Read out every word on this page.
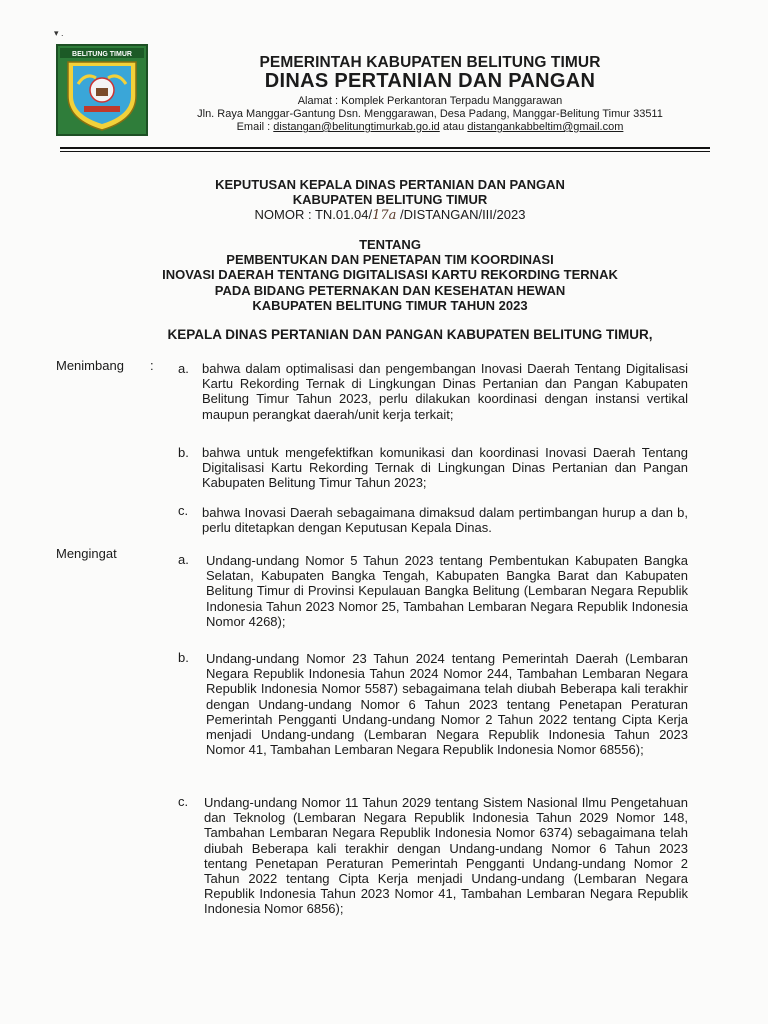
BELITUNG TIMUR
▾ .
PEMERINTAH KABUPATEN BELITUNG TIMUR
DINAS PERTANIAN DAN PANGAN
Alamat : Komplek Perkantoran Terpadu Manggarawan
Jln. Raya Manggar-Gantung Dsn. Menggarawan, Desa Padang, Manggar-Belitung Timur 33511
Email : distangan@belitungtimurkab.go.id atau distangankabbeltim@gmail.com
KEPUTUSAN KEPALA DINAS PERTANIAN DAN PANGAN
KABUPATEN BELITUNG TIMUR
NOMOR : TN.01.04/17a /DISTANGAN/III/2023
TENTANG
PEMBENTUKAN DAN PENETAPAN TIM KOORDINASI
INOVASI DAERAH TENTANG DIGITALISASI KARTU REKORDING TERNAK
PADA BIDANG PETERNAKAN DAN KESEHATAN HEWAN
KABUPATEN BELITUNG TIMUR TAHUN 2023
KEPALA DINAS PERTANIAN DAN PANGAN KABUPATEN BELITUNG TIMUR,
Menimbang : a. bahwa dalam optimalisasi dan pengembangan Inovasi Daerah Tentang Digitalisasi Kartu Rekording Ternak di Lingkungan Dinas Pertanian dan Pangan Kabupaten Belitung Timur Tahun 2023, perlu dilakukan koordinasi dengan instansi vertikal maupun perangkat daerah/unit kerja terkait;
b. bahwa untuk mengefektifkan komunikasi dan koordinasi Inovasi Daerah Tentang Digitalisasi Kartu Rekording Ternak di Lingkungan Dinas Pertanian dan Pangan Kabupaten Belitung Timur Tahun 2023;
c. bahwa Inovasi Daerah sebagaimana dimaksud dalam pertimbangan hurup a dan b, perlu ditetapkan dengan Keputusan Kepala Dinas.
Mengingat	a. Undang-undang Nomor 5 Tahun 2023 tentang Pembentukan Kabupaten Bangka Selatan, Kabupaten Bangka Tengah, Kabupaten Bangka Barat dan Kabupaten Belitung Timur di Provinsi Kepulauan Bangka Belitung (Lembaran Negara Republik Indonesia Tahun 2023 Nomor 25, Tambahan Lembaran Negara Republik Indonesia Nomor 4268);
b. Undang-undang Nomor 23 Tahun 2024 tentang Pemerintah Daerah (Lembaran Negara Republik Indonesia Tahun 2024 Nomor 244, Tambahan Lembaran Negara Republik Indonesia Nomor 5587) sebagaimana telah diubah Beberapa kali terakhir dengan Undang-undang Nomor 6 Tahun 2023 tentang Penetapan Peraturan Pemerintah Pengganti Undang-undang Nomor 2 Tahun 2022 tentang Cipta Kerja menjadi Undang-undang (Lembaran Negara Republik Indonesia Tahun 2023 Nomor 41, Tambahan Lembaran Negara Republik Indonesia Nomor 68556);
c. Undang-undang Nomor 11 Tahun 2029 tentang Sistem Nasional Ilmu Pengetahuan dan Teknolog (Lembaran Negara Republik Indonesia Tahun 2029 Nomor 148, Tambahan Lembaran Negara Republik Indonesia Nomor 6374) sebagaimana telah diubah Beberapa kali terakhir dengan Undang-undang Nomor 6 Tahun 2023 tentang Penetapan Peraturan Pemerintah Pengganti Undang-undang Nomor 2 Tahun 2022 tentang Cipta Kerja menjadi Undang-undang (Lembaran Negara Republik Indonesia Tahun 2023 Nomor 41, Tambahan Lembaran Negara Republik Indonesia Nomor 6856);
